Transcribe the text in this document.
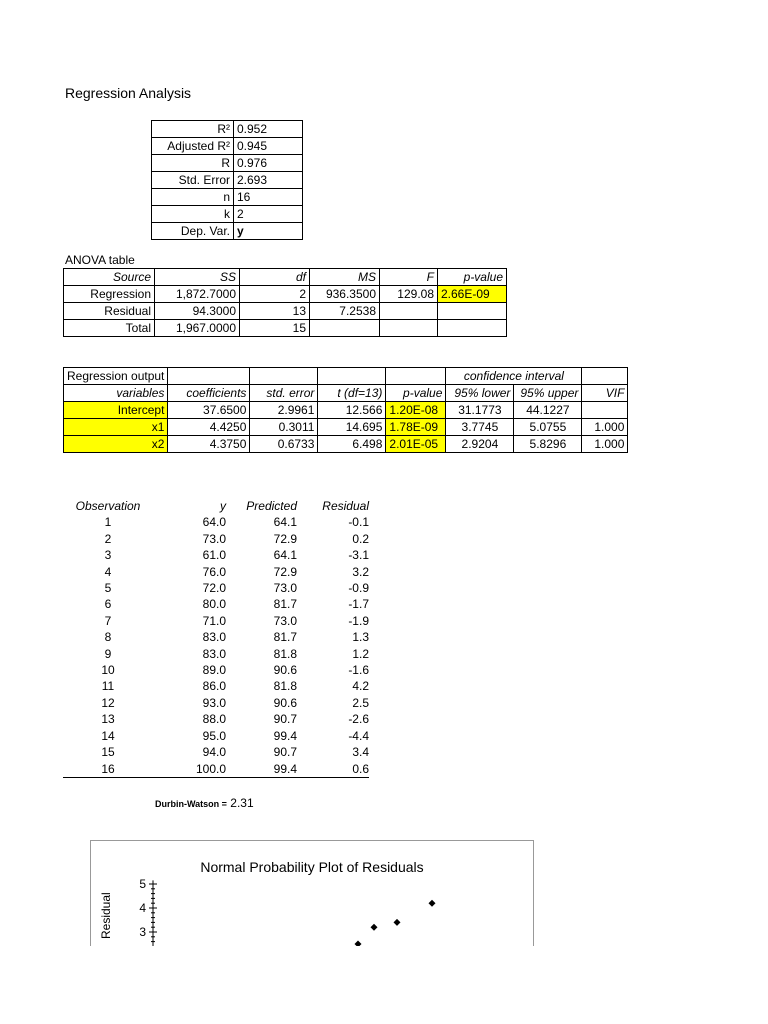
Regression Analysis
R²	0.952
Adjusted R²	0.945
R	0.976
Std. Error	2.693
n	16
k	2
Dep. Var.	y
ANOVA table
Source	SS	df	MS	F	p-value
Regression	1,872.7000	2	936.3500	129.08	2.66E-09
Residual	94.3000	13	7.2538		
Total	1,967.0000	15			
Regression output					confidence interval		
variables	coefficients	std. error	t (df=13)	p-value	95% lower	95% upper	VIF
Intercept	37.6500	2.9961	12.566	1.20E-08	31.1773	44.1227	
x1	4.4250	0.3011	14.695	1.78E-09	3.7745	5.0755	1.000
x2	4.3750	0.6733	6.498	2.01E-05	2.9204	5.8296	1.000
Observation	y	Predicted	Residual
1	64.0	64.1	-0.1
2	73.0	72.9	0.2
3	61.0	64.1	-3.1
4	76.0	72.9	3.2
5	72.0	73.0	-0.9
6	80.0	81.7	-1.7
7	71.0	73.0	-1.9
8	83.0	81.7	1.3
9	83.0	81.8	1.2
10	89.0	90.6	-1.6
11	86.0	81.8	4.2
12	93.0	90.6	2.5
13	88.0	90.7	-2.6
14	95.0	99.4	-4.4
15	94.0	90.7	3.4
16	100.0	99.4	0.6
Durbin-Watson = 2.31
Normal Probability Plot of Residuals
3
4
5
Residual
